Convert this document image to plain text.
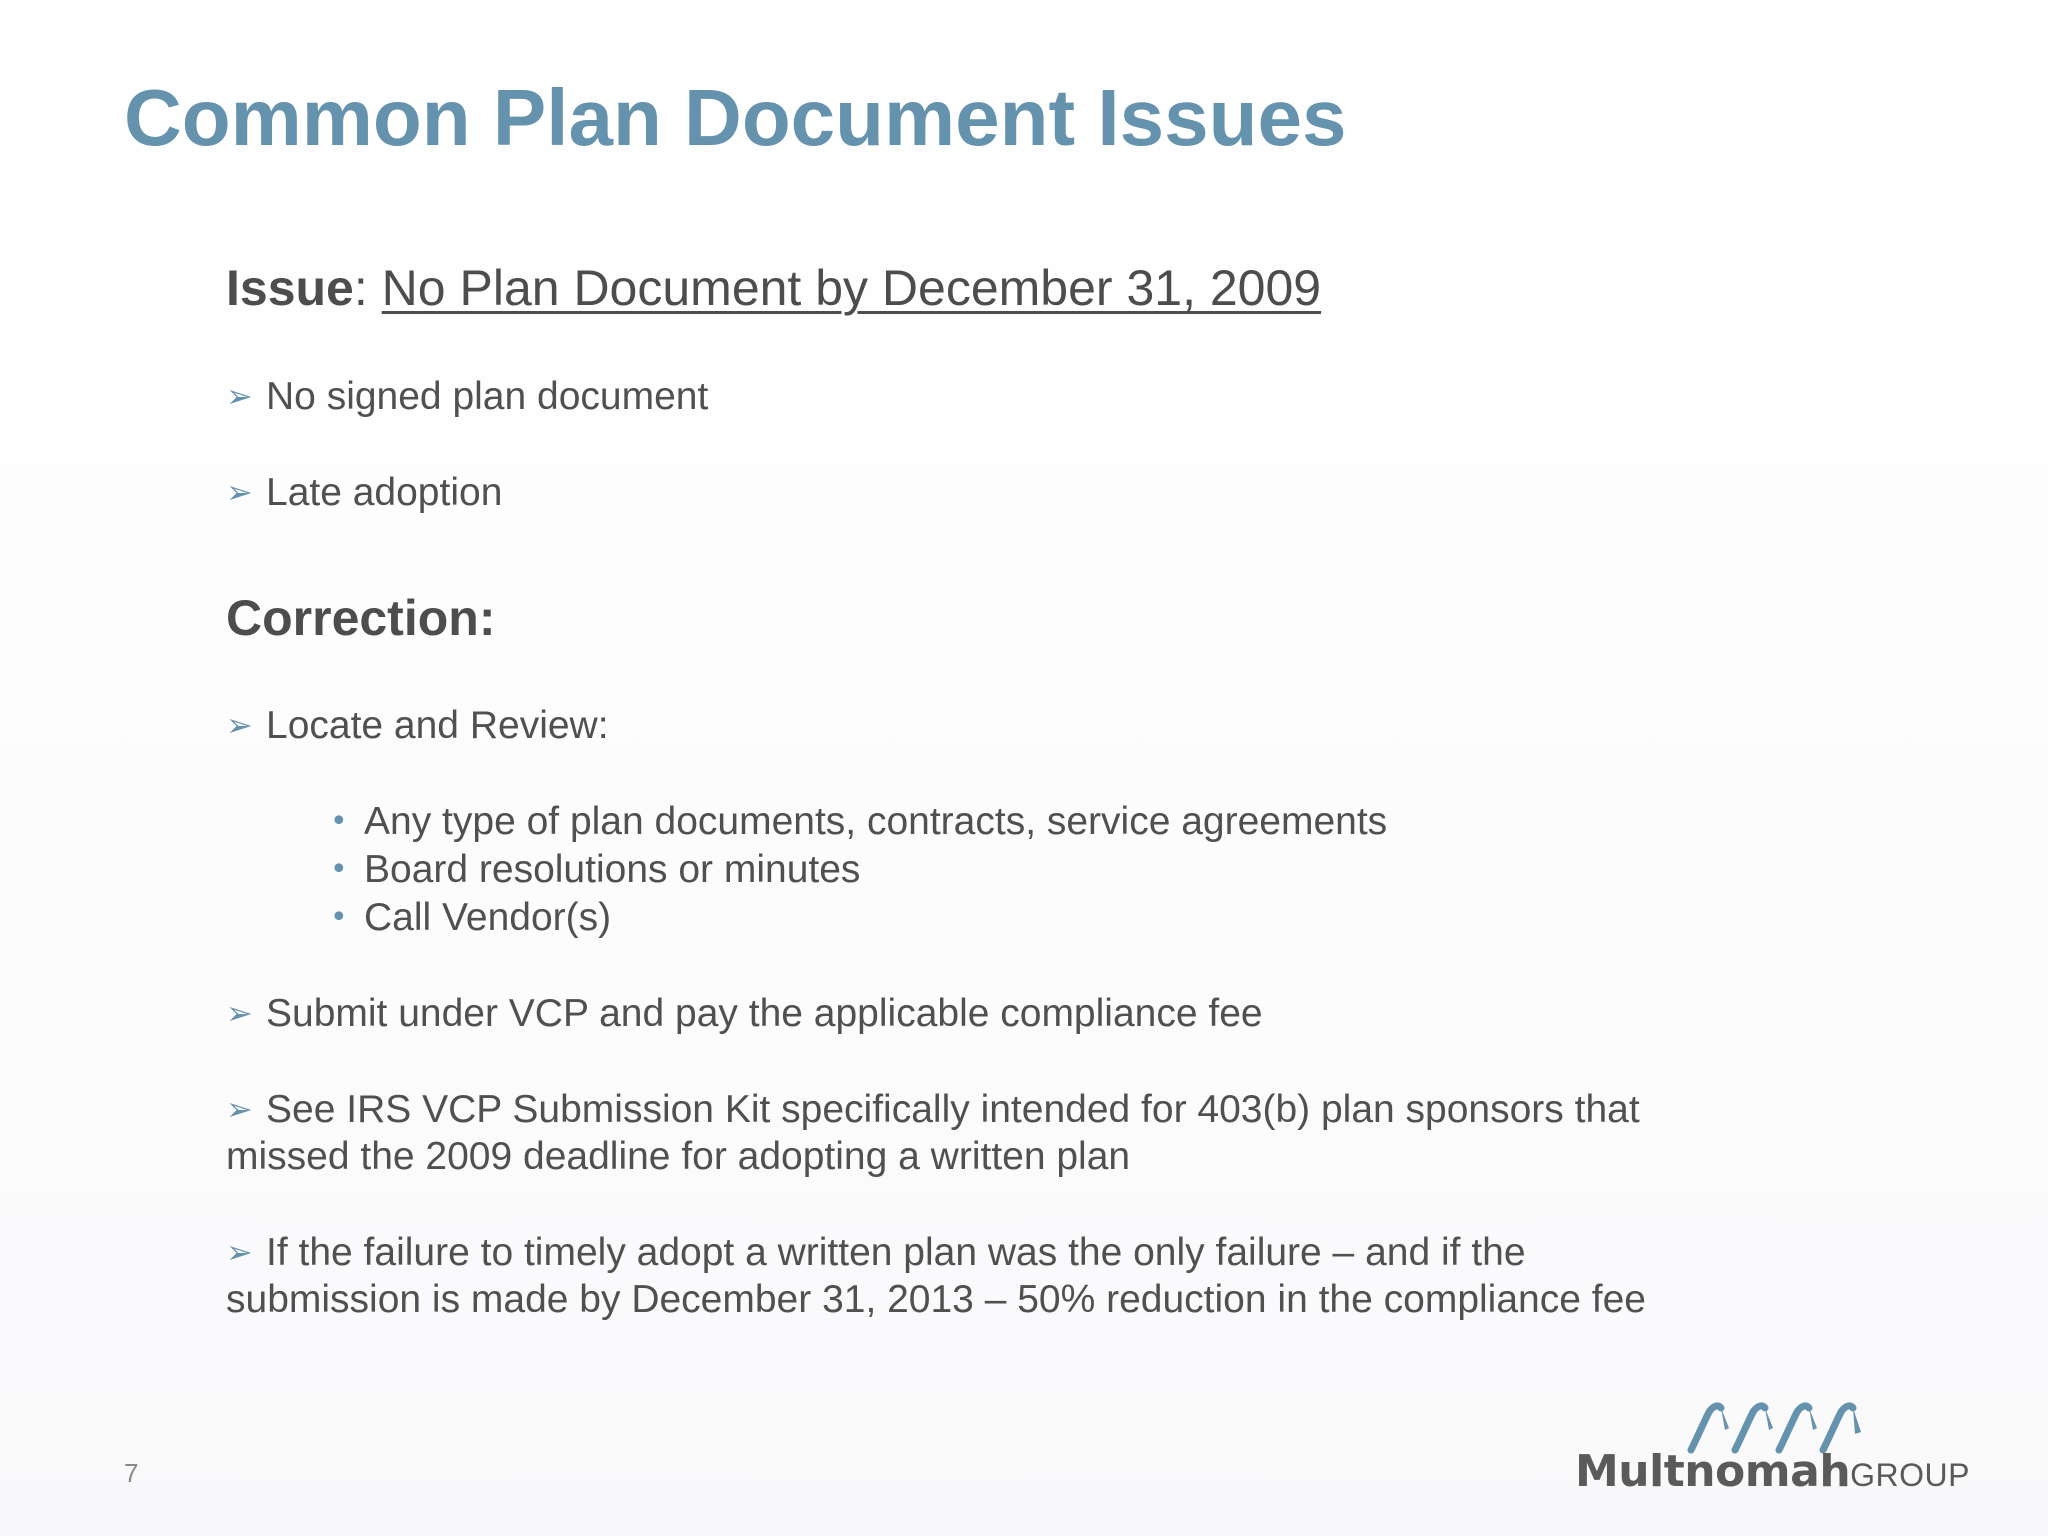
Common Plan Document Issues
Issue: No Plan Document by December 31, 2009
➢ No signed plan document
➢ Late adoption
Correction:
➢ Locate and Review:
• Any type of plan documents, contracts, service agreements
• Board resolutions or minutes
• Call Vendor(s)
➢ Submit under VCP and pay the applicable compliance fee
➢ See IRS VCP Submission Kit specifically intended for 403(b) plan sponsors that
missed the 2009 deadline for adopting a written plan
➢ If the failure to timely adopt a written plan was the only failure – and if the
submission is made by December 31, 2013 – 50% reduction in the compliance fee
7	MultnomahGROUP
